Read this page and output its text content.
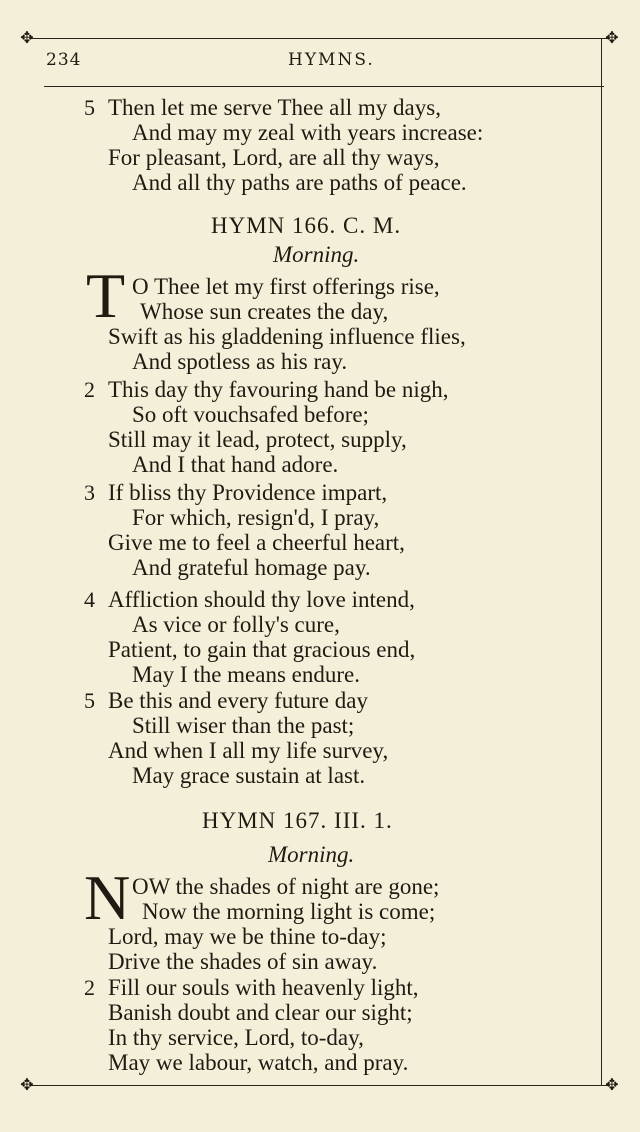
✥	✥
✥	✥
234	HYMNS.
5 Then let me serve Thee all my days,
And may my zeal with years increase:
For pleasant, Lord, are all thy ways,
And all thy paths are paths of peace.
HYMN 166. C. M.
Morning.
T O Thee let my first offerings rise,
Whose sun creates the day,
Swift as his gladdening influence flies,
And spotless as his ray.
2 This day thy favouring hand be nigh,
So oft vouchsafed before;
Still may it lead, protect, supply,
And I that hand adore.
3 If bliss thy Providence impart,
For which, resign'd, I pray,
Give me to feel a cheerful heart,
And grateful homage pay.
4 Affliction should thy love intend,
As vice or folly's cure,
Patient, to gain that gracious end,
May I the means endure.
5 Be this and every future day
Still wiser than the past;
And when I all my life survey,
May grace sustain at last.
HYMN 167. III. 1.
Morning.
N OW the shades of night are gone;
Now the morning light is come;
Lord, may we be thine to-day;
Drive the shades of sin away.
2 Fill our souls with heavenly light,
Banish doubt and clear our sight;
In thy service, Lord, to-day,
May we labour, watch, and pray.
